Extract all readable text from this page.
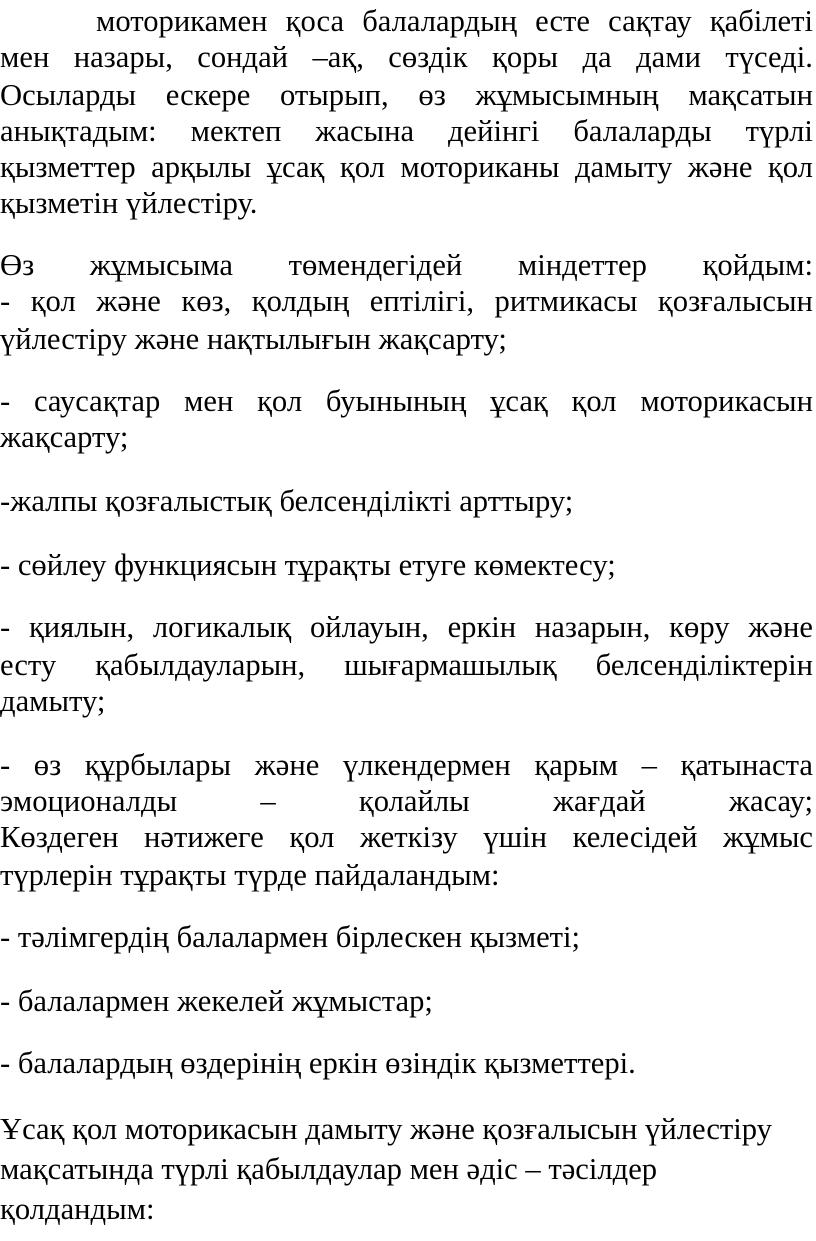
моторикамен қоса балалардың есте сақтау қабілеті
мен назары, сондай –ақ, сөздік қоры да дами түседі.
Осыларды ескере отырып, өз жұмысымның мақсатын
анықтадым: мектеп жасына дейінгі балаларды түрлі
қызметтер арқылы ұсақ қол моториканы дамыту және қол
қызметін үйлестіру.
Өз жұмысыма төмендегідей міндеттер қойдым:
- қол және көз, қолдың ептілігі, ритмикасы қозғалысын
үйлестіру және нақтылығын жақсарту;
- саусақтар мен қол буынының ұсақ қол моторикасын
жақсарту;
-жалпы қозғалыстық белсенділікті арттыру;
- сөйлеу функциясын тұрақты етуге көмектесу;
- қиялын, логикалық ойлауын, еркін назарын, көру және
есту қабылдауларын, шығармашылық белсенділіктерін
дамыту;
- өз құрбылары және үлкендермен қарым – қатынаста
эмоционалды	–	қолайлы	жағдай	жасау;
Көздеген нәтижеге қол жеткізу үшін келесідей жұмыс
түрлерін тұрақты түрде пайдаландым:
- тәлімгердің балалармен бірлескен қызметі;
- балалармен жекелей жұмыстар;
- балалардың өздерінің еркін өзіндік қызметтері.
Ұсақ қол моторикасын дамыту және қозғалысын үйлестіру
мақсатында түрлі қабылдаулар мен әдіс – тәсілдер
қолдандым:
